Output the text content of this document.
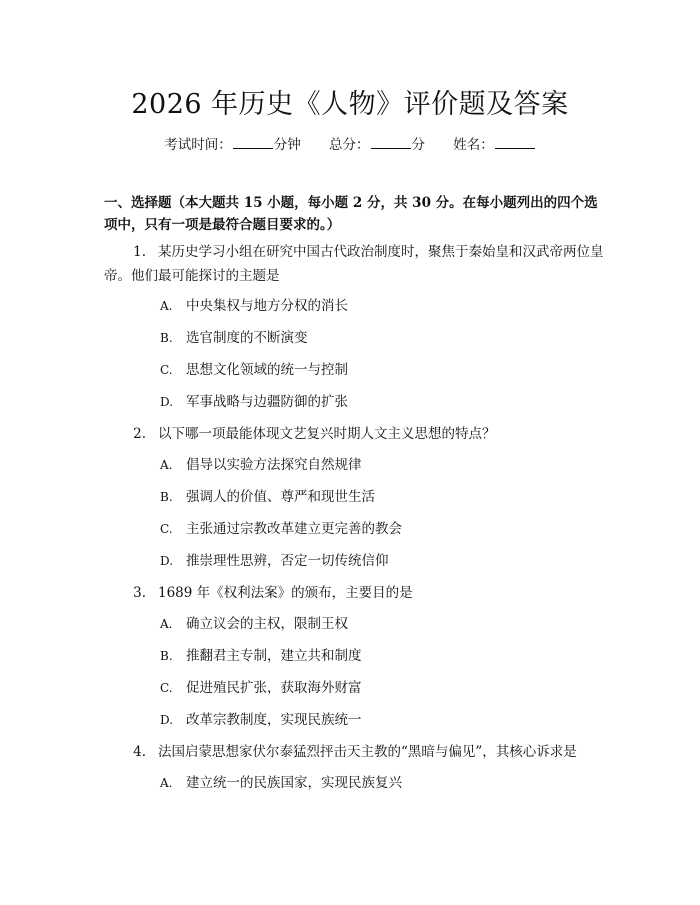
2026 年历史《人物》评价题及答案
考试时间：	分钟 总分：	分 姓名：
一、选择题（本大题共 15 小题，每小题 2 分，共 30 分。在每小题列出的四个选项中，只有一项是最符合题目要求的。）
1. 某历史学习小组在研究中国古代政治制度时，聚焦于秦始皇和汉武帝两位皇帝。他们最可能探讨的主题是
A. 中央集权与地方分权的消长
B. 选官制度的不断演变
C. 思想文化领域的统一与控制
D. 军事战略与边疆防御的扩张
2. 以下哪一项最能体现文艺复兴时期人文主义思想的特点？
A. 倡导以实验方法探究自然规律
B. 强调人的价值、尊严和现世生活
C. 主张通过宗教改革建立更完善的教会
D. 推崇理性思辨，否定一切传统信仰
3. 1689 年《权利法案》的颁布，主要目的是
A. 确立议会的主权，限制王权
B. 推翻君主专制，建立共和制度
C. 促进殖民扩张，获取海外财富
D. 改革宗教制度，实现民族统一
4. 法国启蒙思想家伏尔泰猛烈抨击天主教的“黑暗与偏见”，其核心诉求是
A. 建立统一的民族国家，实现民族复兴
